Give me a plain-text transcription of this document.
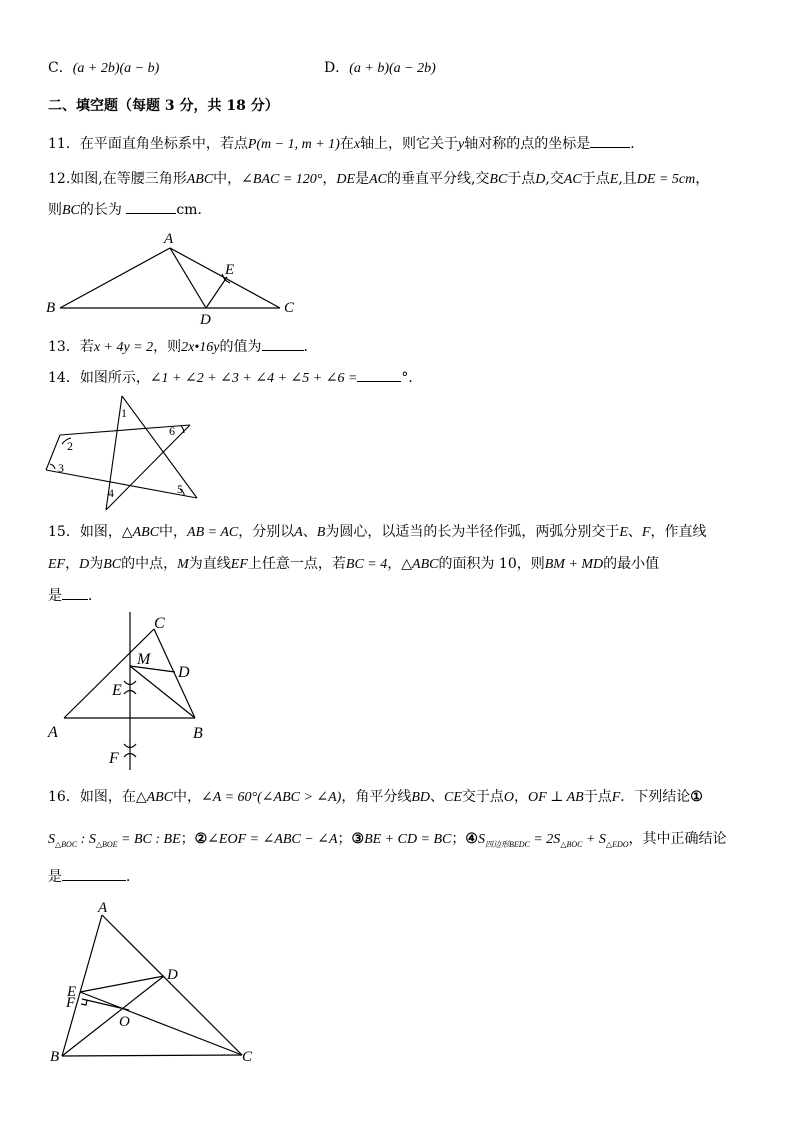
C．(a + 2b)(a − b)	D．(a + b)(a − 2b)
二、填空题（每题 3 分，共 18 分）
11．在平面直角坐标系中，若点P(m − 1, m + 1)在x轴上，则它关于y轴对称的点的坐标是	．
12.如图,在等腰三角形ABC中，∠BAC = 120°，DE是AC的垂直平分线,交BC于点D,交AC于点E,且DE = 5cm，
则BC的长为	cm．
A
B	C
D
E
13．若x + 4y = 2，则2x•16y的值为	．
14．如图所示，∠1 + ∠2 + ∠3 + ∠4 + ∠5 + ∠6 =	°．
1
2
3
4	5
6
15．如图，△ABC中，AB = AC，分别以A、B为圆心，以适当的长为半径作弧，两弧分别交于E、F，作直线
EF，D为BC的中点，M为直线EF上任意一点，若BC = 4，△ABC的面积为 10，则BM + MD的最小值
是 ．
C
M
D
E
A	B
F
16．如图，在△ABC中，∠A = 60°(∠ABC > ∠A)，角平分线BD、CE交于点O，OF ⊥ AB于点F．下列结论①
$S_{\triangle BOC}$ : $S_{\triangle BOE}$ = BC : BE；②∠EOF = ∠ABC − ∠A；③BE + CD = BC；$④S_{四边形BEDC} = 2S_{\triangle BOC} + S_{\triangle EDO}$，其中正确结论
是	．
A
D
E
F
O
B	C
